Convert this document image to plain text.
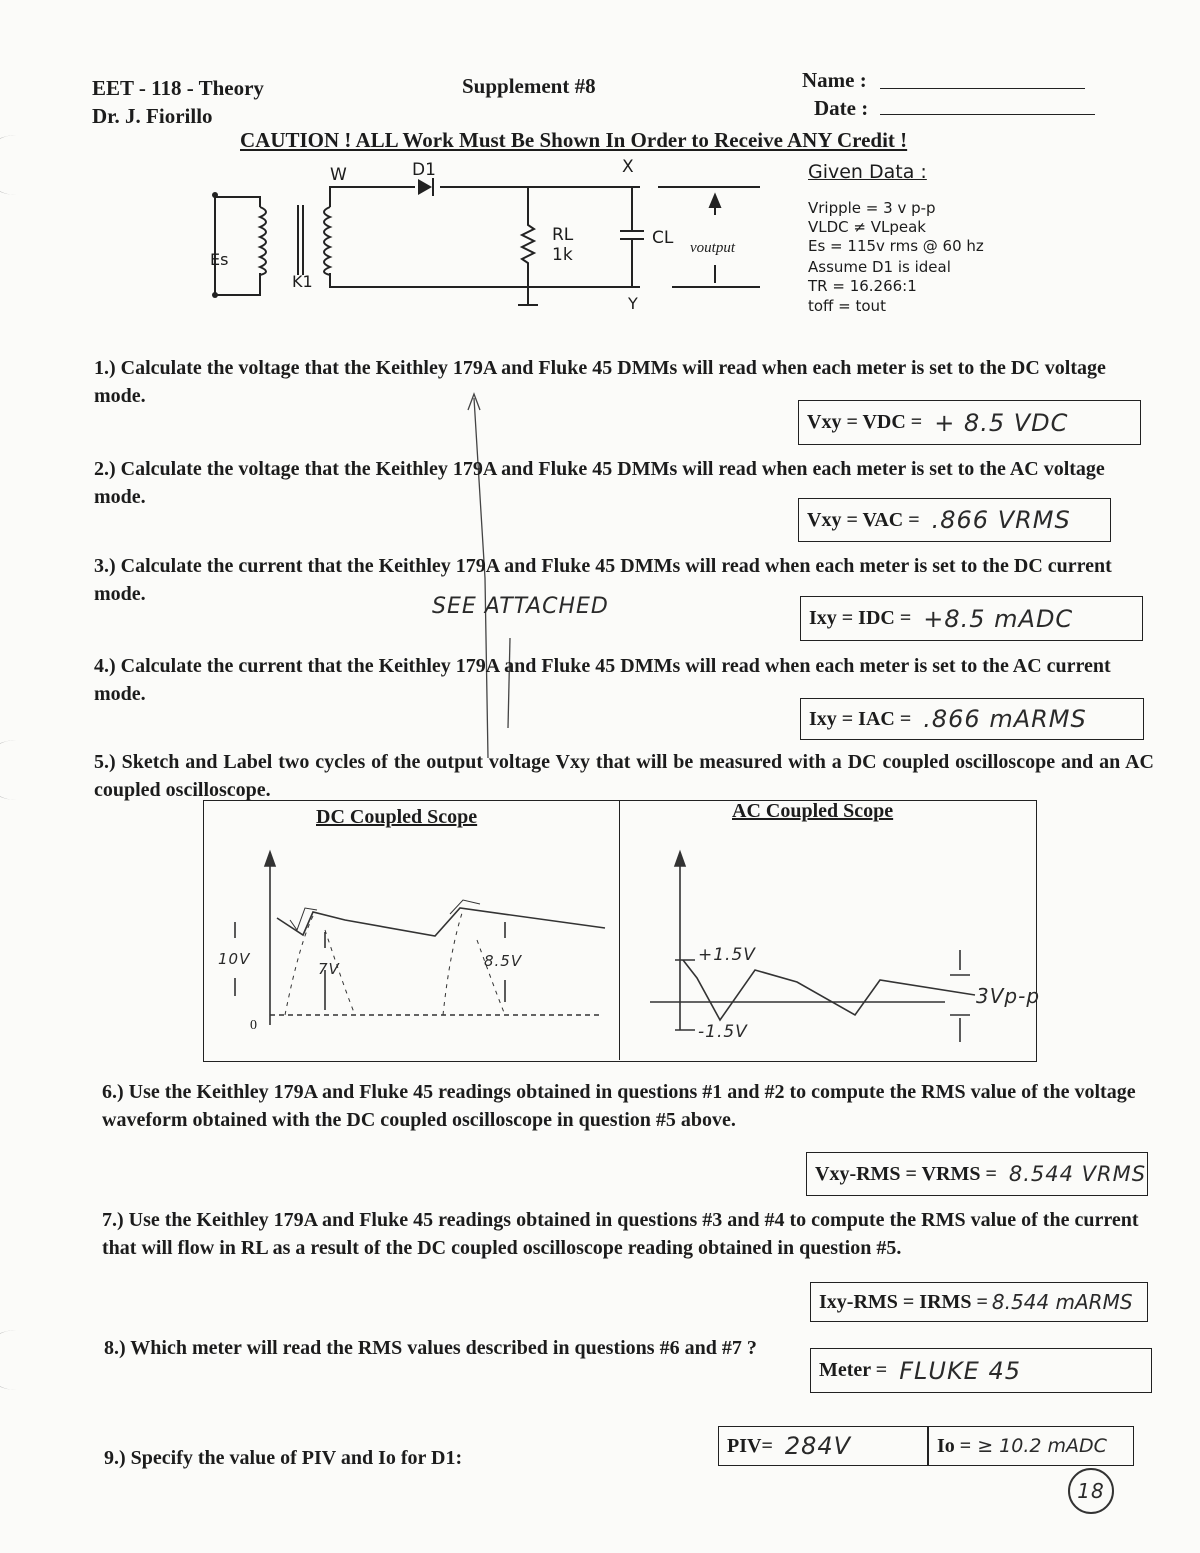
EET - 118 - Theory
Dr. J. Fiorillo
Supplement #8	Name :
Date :
CAUTION ! ALL Work Must Be Shown In Order to Receive ANY Credit !
W	D1	X
Y
Es
K1
RL
1k
CL voutput
Given Data :
Vripple = 3 v p-p
VLDC ≠ VLpeak
Es = 115v rms @ 60 hz
Assume D1 is ideal
TR = 16.266:1
toff = tout
1.) Calculate the voltage that the Keithley 179A and Fluke 45 DMMs will read when each meter is set to the DC voltage mode.
Vxy = VDC = + 8.5 VDC
2.) Calculate the voltage that the Keithley 179A and Fluke 45 DMMs will read when each meter is set to the AC voltage mode.
Vxy = VAC = .866 VRMS
3.) Calculate the current that the Keithley 179A and Fluke 45 DMMs will read when each meter is set to the DC current mode.	SEE ATTACHED	Ixy = IDC = +8.5 mADC
4.) Calculate the current that the Keithley 179A and Fluke 45 DMMs will read when each meter is set to the AC current mode.
Ixy = IAC = .866 mARMS
5.) Sketch and Label two cycles of the output voltage Vxy that will be measured with a DC coupled oscilloscope and an AC coupled oscilloscope.
DC Coupled Scope	AC Coupled Scope
10V
7V	8.5V
0
+1.5V
-1.5V
3Vp-p
6.) Use the Keithley 179A and Fluke 45 readings obtained in questions #1 and #2 to compute the RMS value of the voltage waveform obtained with the DC coupled oscilloscope in question #5 above.
Vxy-RMS = VRMS = 8.544 VRMS
7.) Use the Keithley 179A and Fluke 45 readings obtained in questions #3 and #4 to compute the RMS value of the current that will flow in RL as a result of the DC coupled oscilloscope reading obtained in question #5.
Ixy-RMS = IRMS = 8.544 mARMS
8.) Which meter will read the RMS values described in questions #6 and #7 ?
Meter = FLUKE 45
9.) Specify the value of PIV and Io for D1:
PIV= 284V	Io = ≥ 10.2 mADC
18
